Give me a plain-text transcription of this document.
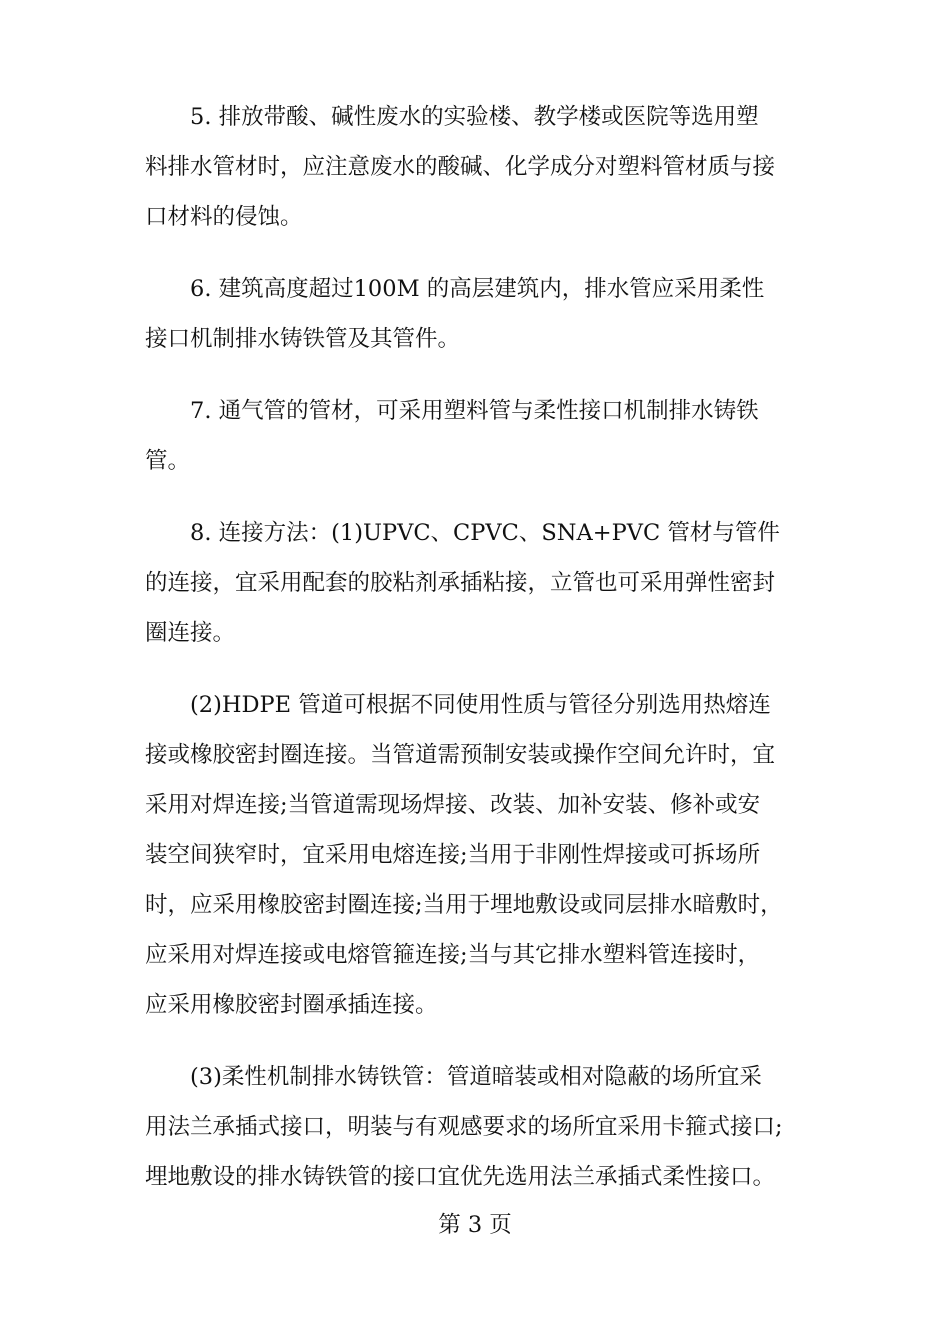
5. 排放带酸、碱性废水的实验楼、教学楼或医院等选用塑
料排水管材时，应注意废水的酸碱、化学成分对塑料管材质与接
口材料的侵蚀。

6. 建筑高度超过100M 的高层建筑内，排水管应采用柔性
接口机制排水铸铁管及其管件。

7. 通气管的管材，可采用塑料管与柔性接口机制排水铸铁
管。

8. 连接方法：(1)UPVC、CPVC、SNA+PVC 管材与管件
的连接，宜采用配套的胶粘剂承插粘接，立管也可采用弹性密封
圈连接。

(2)HDPE 管道可根据不同使用性质与管径分别选用热熔连
接或橡胶密封圈连接。当管道需预制安装或操作空间允许时，宜
采用对焊连接;当管道需现场焊接、改装、加补安装、修补或安
装空间狭窄时，宜采用电熔连接;当用于非刚性焊接或可拆场所
时，应采用橡胶密封圈连接;当用于埋地敷设或同层排水暗敷时，
应采用对焊连接或电熔管箍连接;当与其它排水塑料管连接时，
应采用橡胶密封圈承插连接。

(3)柔性机制排水铸铁管：管道暗装或相对隐蔽的场所宜采
用法兰承插式接口，明装与有观感要求的场所宜采用卡箍式接口;
埋地敷设的排水铸铁管的接口宜优先选用法兰承插式柔性接口。

第 3 页
